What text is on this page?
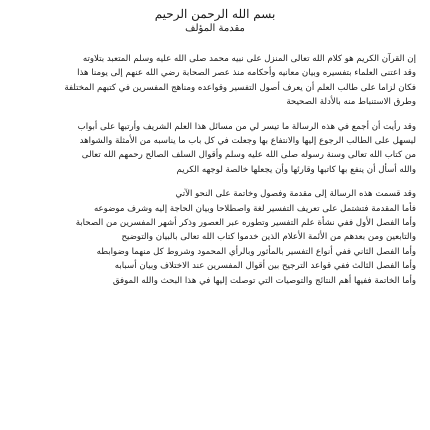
بسم الله الرحمن الرحيم

مقدمة المؤلف

إن القرآن الكريم هو كلام الله تعالى المنزل على نبيه محمد صلى الله عليه وسلم المتعبد بتلاوته

وقد اعتنى العلماء بتفسيره وبيان معانيه وأحكامه منذ عصر الصحابة رضي الله عنهم إلى يومنا هذا

فكان لزاما على طالب العلم أن يعرف أصول التفسير وقواعده ومناهج المفسرين في كتبهم المختلفة

وطرق الاستنباط منه بالأدلة الصحيحة

وقد رأيت أن أجمع في هذه الرسالة ما تيسر لي من مسائل هذا العلم الشريف وأرتبها على أبواب

ليسهل على الطالب الرجوع إليها والانتفاع بها وجعلت في كل باب ما يناسبه من الأمثلة والشواهد

من كتاب الله تعالى وسنة رسوله صلى الله عليه وسلم وأقوال السلف الصالح رحمهم الله تعالى

والله أسأل أن ينفع بها كاتبها وقارئها وأن يجعلها خالصة لوجهه الكريم

وقد قسمت هذه الرسالة إلى مقدمة وفصول وخاتمة على النحو الآتي

فأما المقدمة فتشتمل على تعريف التفسير لغة واصطلاحا وبيان الحاجة إليه وشرف موضوعه

وأما الفصل الأول ففي نشأة علم التفسير وتطوره عبر العصور وذكر أشهر المفسرين من الصحابة

والتابعين ومن بعدهم من الأئمة الأعلام الذين خدموا كتاب الله تعالى بالبيان والتوضيح

وأما الفصل الثاني ففي أنواع التفسير بالمأثور وبالرأي المحمود وشروط كل منهما وضوابطه

وأما الفصل الثالث ففي قواعد الترجيح بين أقوال المفسرين عند الاختلاف وبيان أسبابه

وأما الخاتمة ففيها أهم النتائج والتوصيات التي توصلت إليها في هذا البحث والله الموفق
